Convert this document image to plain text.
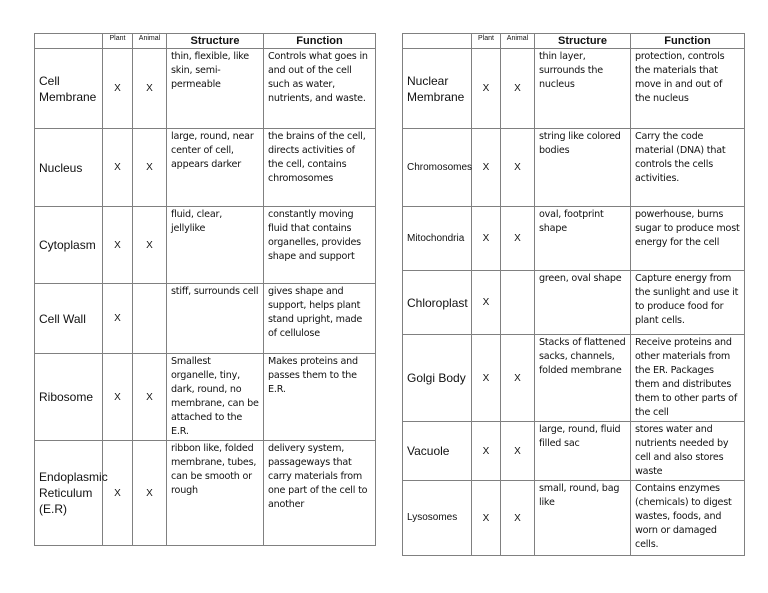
	Plant	Animal	Structure	Function
Cell Membrane	X	X	thin, flexible, like skin, semi-permeable	Controls what goes in and out of the cell such as water, nutrients, and waste.
Nucleus	X	X	large, round, near center of cell, appears darker	the brains of the cell, directs activities of the cell, contains chromosomes
Cytoplasm	X	X	fluid, clear, jellylike	constantly moving fluid that contains organelles, provides shape and support
Cell Wall	X		stiff, surrounds cell	gives shape and support, helps plant stand upright, made of cellulose
Ribosome	X	X	Smallest organelle, tiny, dark, round, no membrane, can be attached to the E.R.	Makes proteins and passes them to the E.R.
Endoplasmic Reticulum (E.R)	X	X	ribbon like, folded membrane, tubes, can be smooth or rough	delivery system, passageways that carry materials from one part of the cell to another
	Plant	Animal	Structure	Function
Nuclear Membrane	X	X	thin layer, surrounds the nucleus	protection, controls the materials that move in and out of the nucleus
Chromosomes	X	X	string like colored bodies	Carry the code material (DNA) that controls the cells activities.
Mitochondria	X	X	oval, footprint shape	powerhouse, burns sugar to produce most energy for the cell
Chloroplast	X		green, oval shape	Capture energy from the sunlight and use it to produce food for plant cells.
Golgi Body	X	X	Stacks of flattened sacks, channels, folded membrane	Receive proteins and other materials from the ER. Packages them and distributes them to other parts of the cell
Vacuole	X	X	large, round, fluid filled sac	stores water and nutrients needed by cell and also stores waste
Lysosomes	X	X	small, round, bag like	Contains enzymes (chemicals) to digest wastes, foods, and worn or damaged cells.
